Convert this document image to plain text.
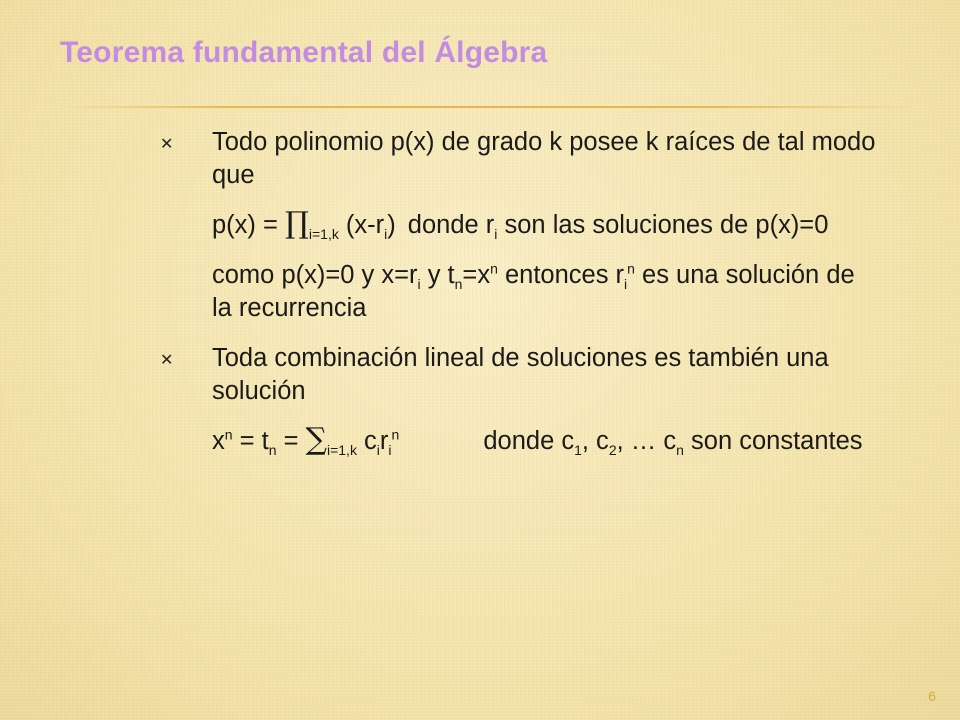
Teorema fundamental del Álgebra
✕ Todo polinomio p(x) de grado k posee k raíces de tal modo que
$p(x) = \prod_{i=1,k}$ $(x-r_i)$ donde $r_i$ son las soluciones de p(x)=0
como p(x)=0 y $x=r_i$ y $t_n=x^n$ entonces $r_i^n$ es una solución de la recurrencia
✕ Toda combinación lineal de soluciones es también una solución
$x^n = t_n = \sum_{i=1,k}$ $c_ir_i^n$	donde $c_1$, $c_2$, … $c_n$ son constantes
6
